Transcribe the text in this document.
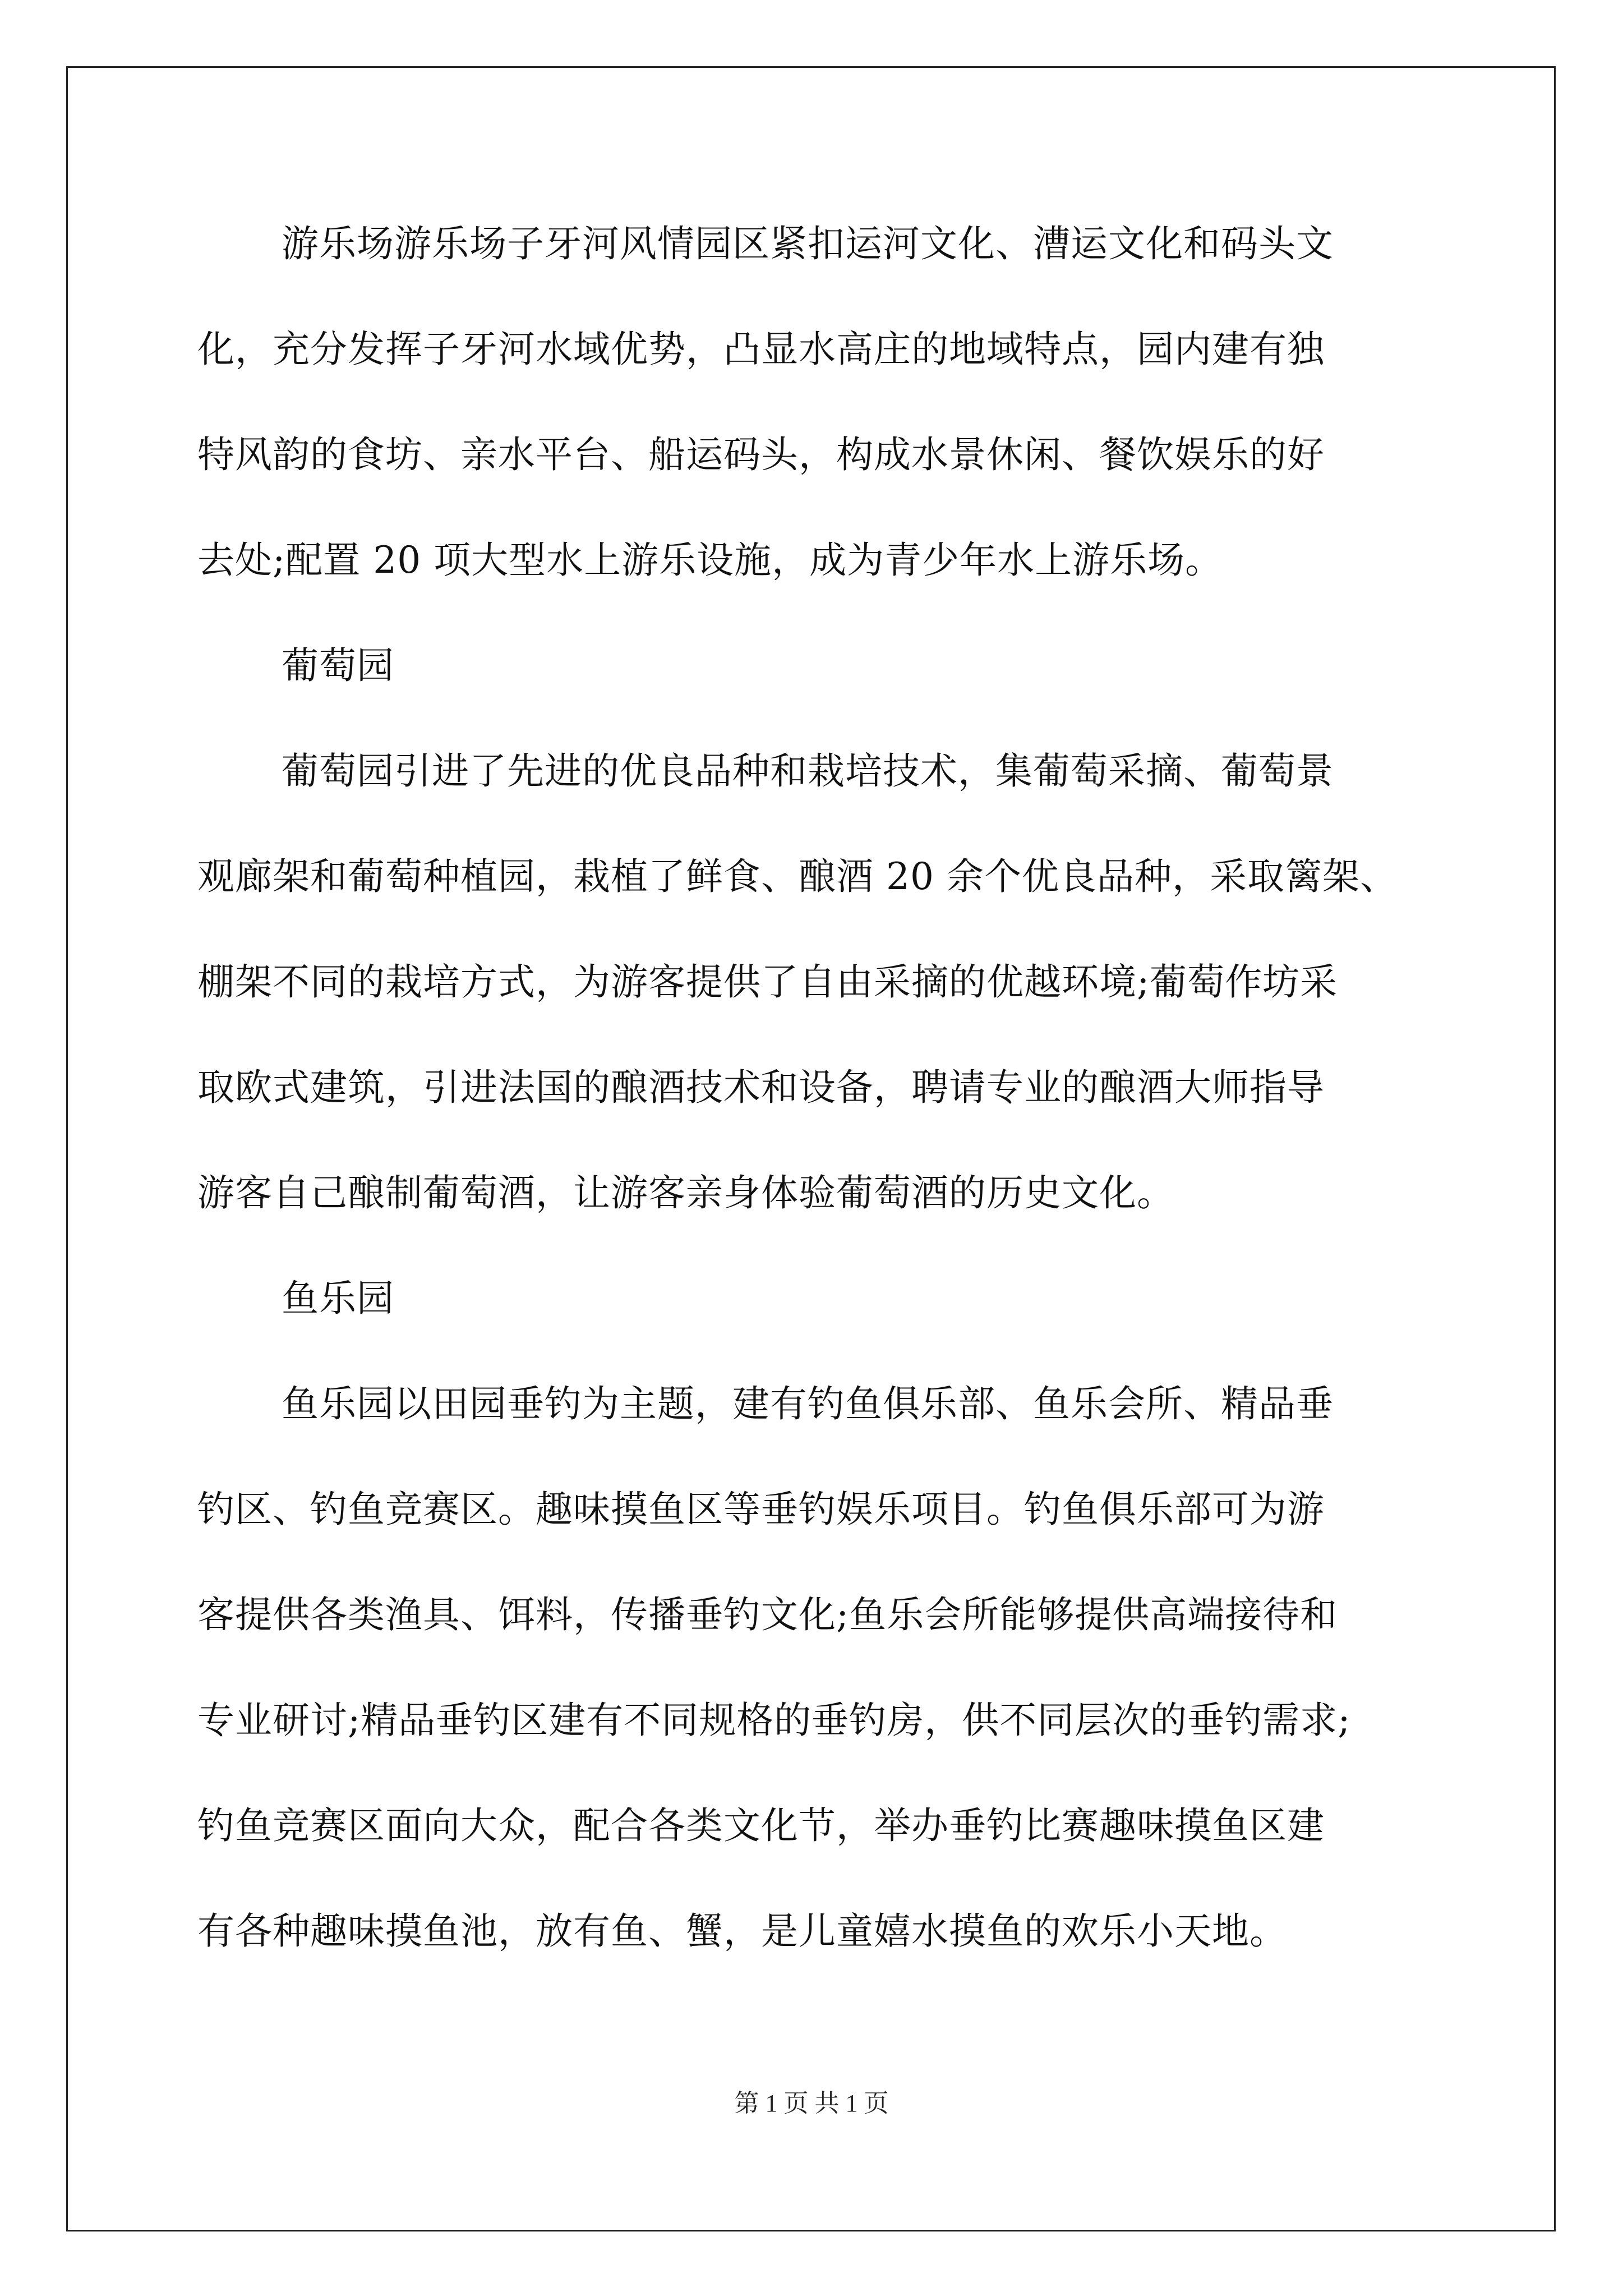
游乐场游乐场子牙河风情园区紧扣运河文化、漕运文化和码头文
化，充分发挥子牙河水域优势，凸显水高庄的地域特点，园内建有独
特风韵的食坊、亲水平台、船运码头，构成水景休闲、餐饮娱乐的好
去处;配置 20 项大型水上游乐设施，成为青少年水上游乐场。
葡萄园
葡萄园引进了先进的优良品种和栽培技术，集葡萄采摘、葡萄景
观廊架和葡萄种植园，栽植了鲜食、酿酒 20 余个优良品种，采取篱架、
棚架不同的栽培方式，为游客提供了自由采摘的优越环境;葡萄作坊采
取欧式建筑，引进法国的酿酒技术和设备，聘请专业的酿酒大师指导
游客自己酿制葡萄酒，让游客亲身体验葡萄酒的历史文化。
鱼乐园
鱼乐园以田园垂钓为主题，建有钓鱼俱乐部、鱼乐会所、精品垂
钓区、钓鱼竞赛区。趣味摸鱼区等垂钓娱乐项目。钓鱼俱乐部可为游
客提供各类渔具、饵料，传播垂钓文化;鱼乐会所能够提供高端接待和
专业研讨;精品垂钓区建有不同规格的垂钓房，供不同层次的垂钓需求;
钓鱼竞赛区面向大众，配合各类文化节，举办垂钓比赛趣味摸鱼区建
有各种趣味摸鱼池，放有鱼、蟹，是儿童嬉水摸鱼的欢乐小天地。
第 1 页 共 1 页
